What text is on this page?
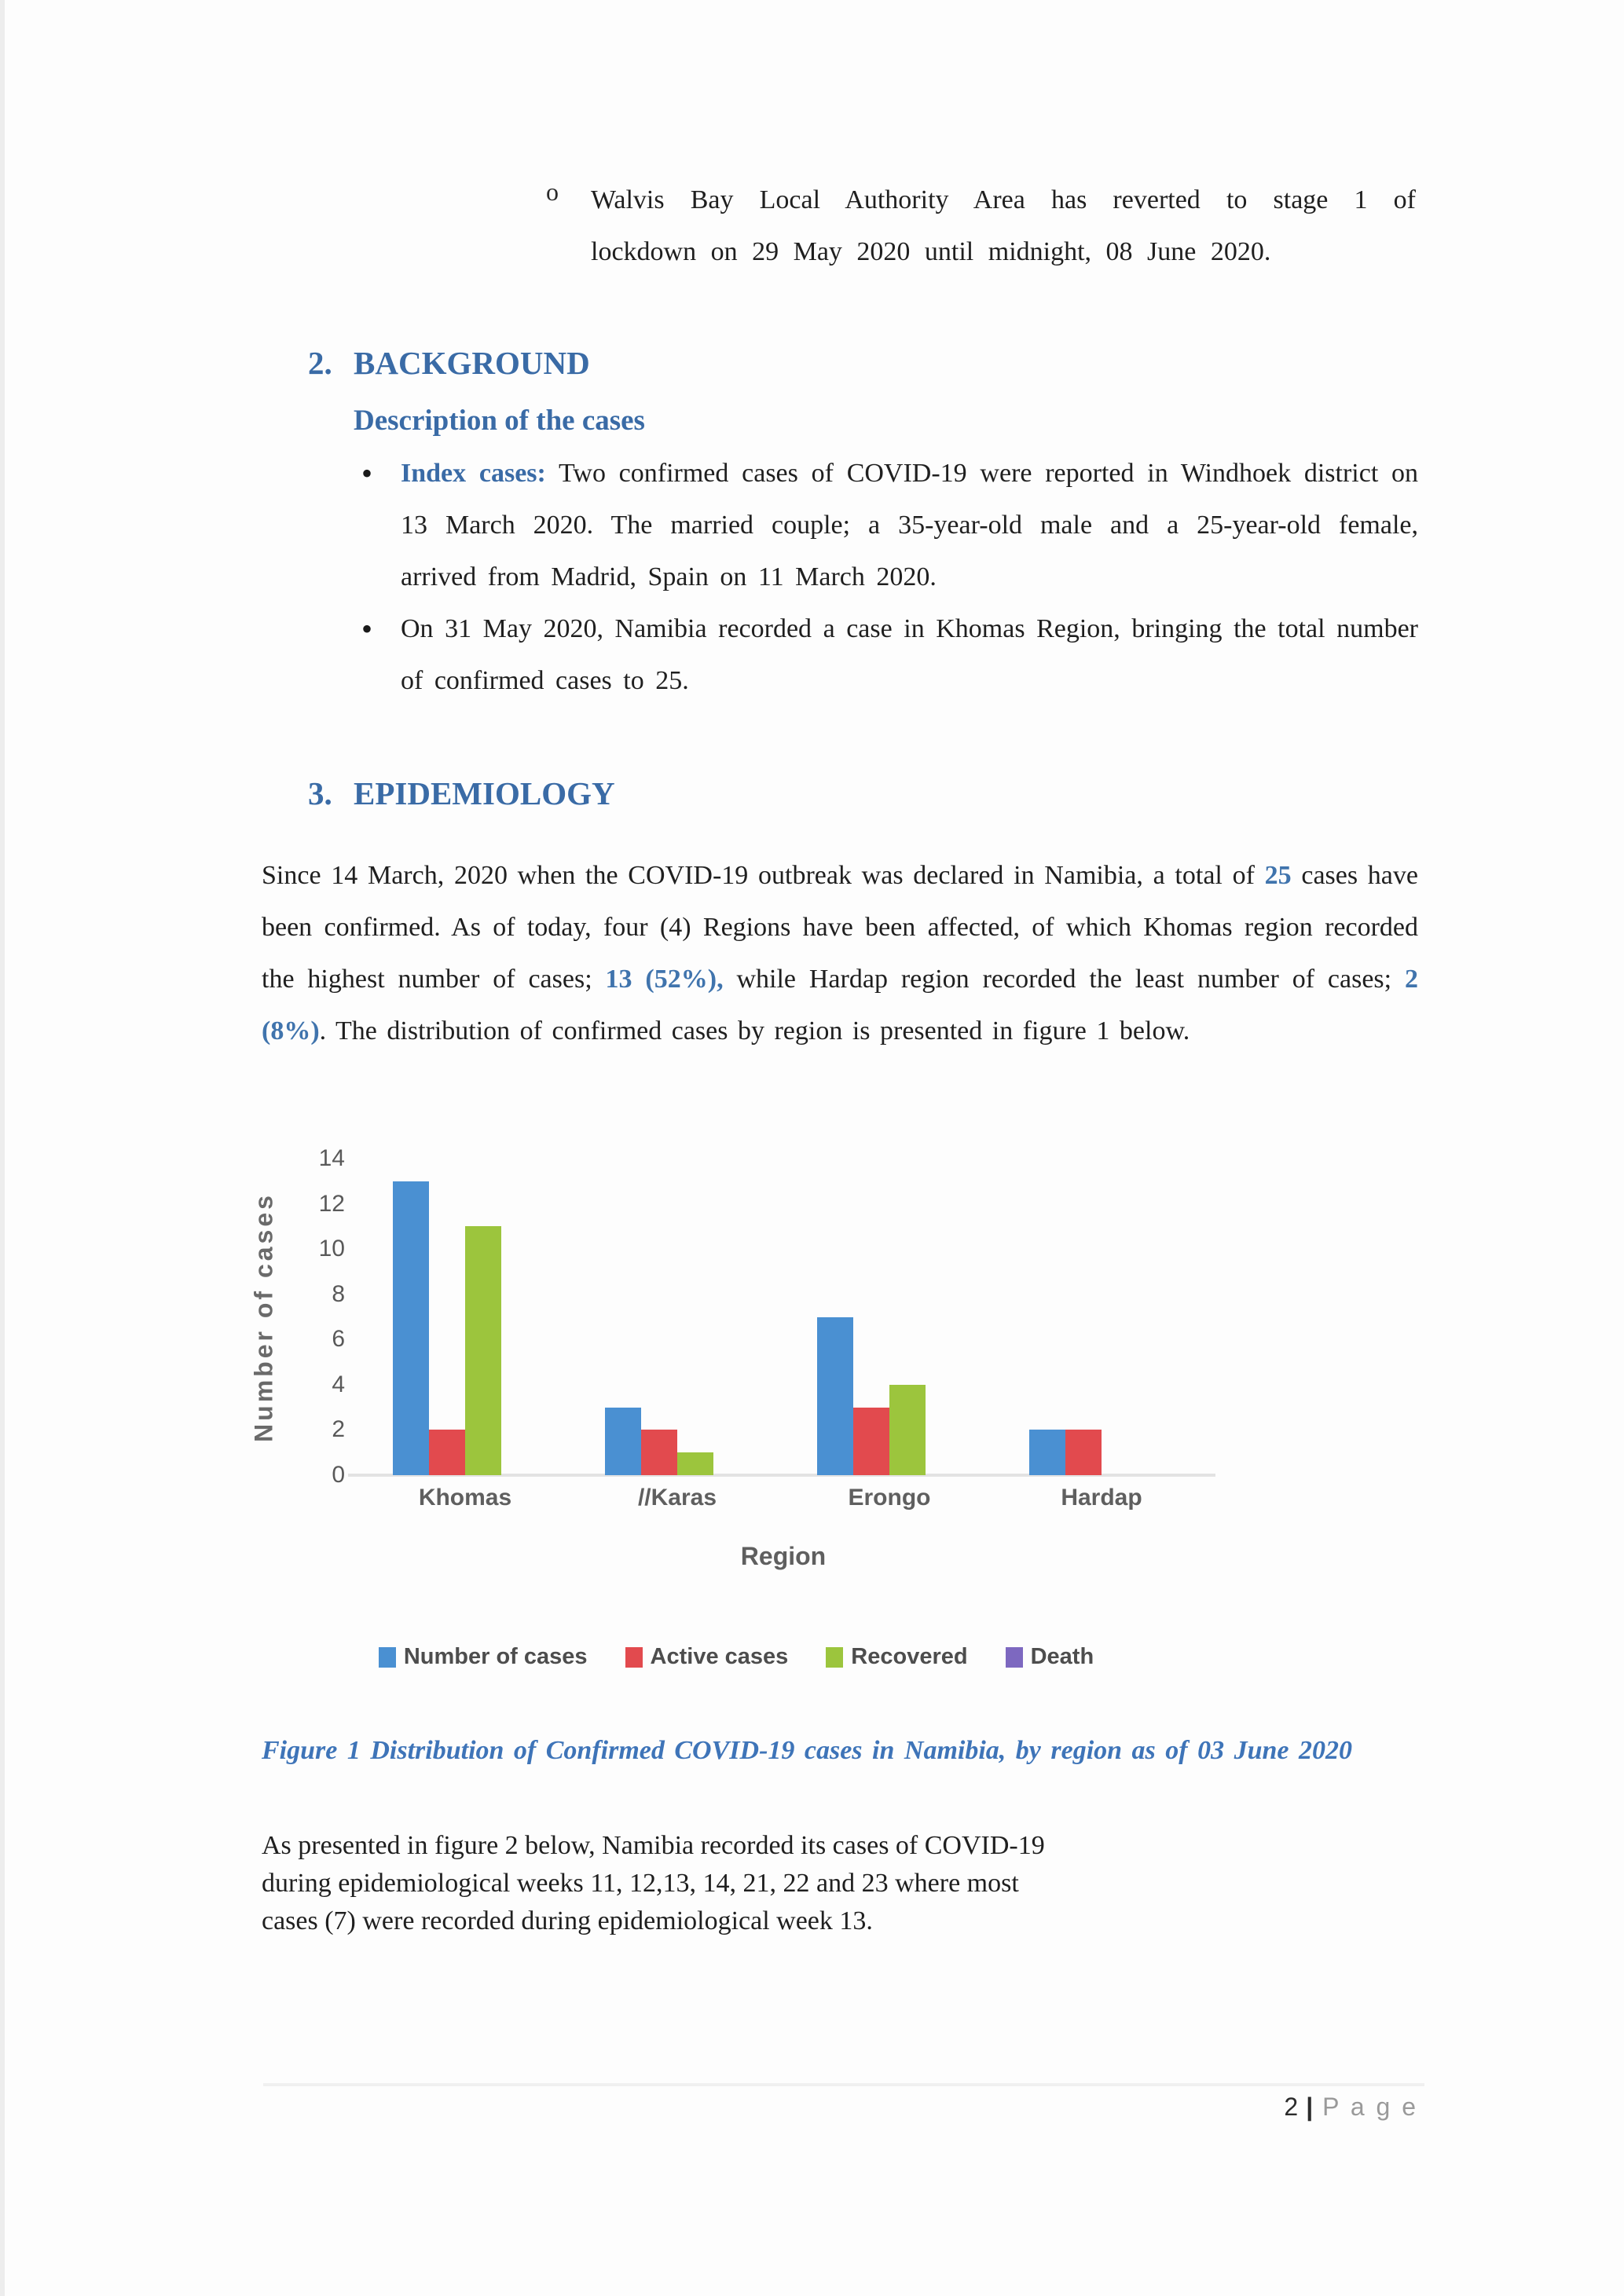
o Walvis Bay Local Authority Area has reverted to stage 1 of lockdown on 29 May 2020 until midnight, 08 June 2020.

2. BACKGROUND
Description of the cases
• Index cases: Two confirmed cases of COVID-19 were reported in Windhoek district on 13 March 2020. The married couple; a 35-year-old male and a 25-year-old female, arrived from Madrid, Spain on 11 March 2020.
• On 31 May 2020, Namibia recorded a case in Khomas Region, bringing the total number of confirmed cases to 25.
3. EPIDEMIOLOGY

Since 14 March, 2020 when the COVID-19 outbreak was declared in Namibia, a total of 25 cases have been confirmed. As of today, four (4) Regions have been affected, of which Khomas region recorded the highest number of cases; 13 (52%), while Hardap region recorded the least number of cases; 2 (8%). The distribution of confirmed cases by region is presented in figure 1 below.

Number of cases
0
2
4
6
8
10
12
14
Khomas	//Karas	Erongo	Hardap
Region
Number of cases	Active cases	Recovered	Death

Figure 1 Distribution of Confirmed COVID-19 cases in Namibia, by region as of 03 June 2020

As presented in figure 2 below, Namibia recorded its cases of COVID-19 during epidemiological weeks 11, 12,13, 14, 21, 22 and 23 where most cases (7) were recorded during epidemiological week 13.

2 | P a g e
